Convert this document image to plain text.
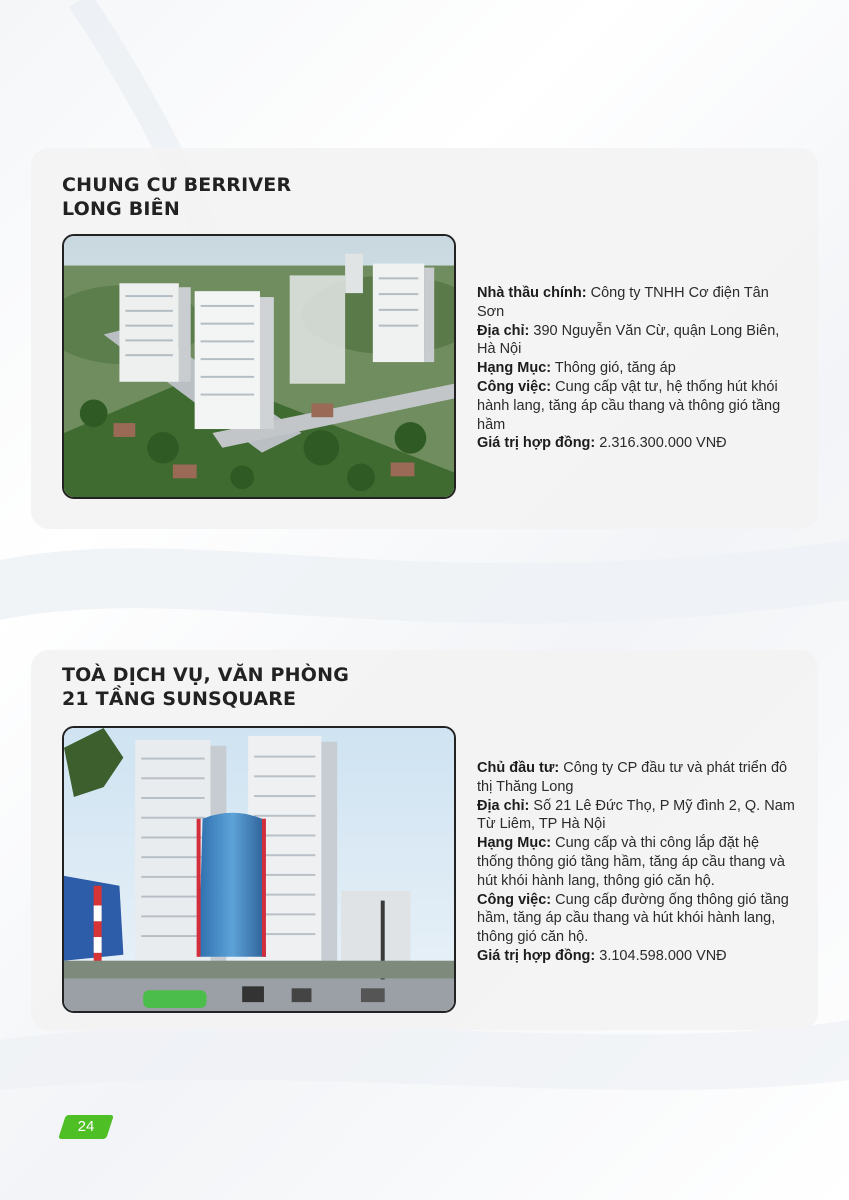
CHUNG CƯ BERRIVER
LONG BIÊN

Nhà thầu chính: Công ty TNHH Cơ điện Tân Sơn

Địa chỉ: 390 Nguyễn Văn Cừ, quận Long Biên, Hà Nội

Hạng Mục: Thông gió, tăng áp

Công việc: Cung cấp vật tư, hệ thống hút khói hành lang, tăng áp cầu thang và thông gió tầng hầm

Giá trị hợp đồng: 2.316.300.000 VNĐ

TOÀ DỊCH VỤ, VĂN PHÒNG
21 TẦNG SUNSQUARE

Chủ đầu tư: Công ty CP đầu tư và phát triển đô thị Thăng Long

Địa chỉ: Số 21 Lê Đức Thọ, P Mỹ đình 2, Q. Nam Từ Liêm, TP Hà Nội

Hạng Mục: Cung cấp và thi công lắp đặt hệ thống thông gió tầng hầm, tăng áp cầu thang và hút khói hành lang, thông gió căn hộ.

Công việc: Cung cấp đường ống thông gió tầng hầm, tăng áp cầu thang và hút khói hành lang, thông gió căn hộ.

Giá trị hợp đồng: 3.104.598.000 VNĐ

24
